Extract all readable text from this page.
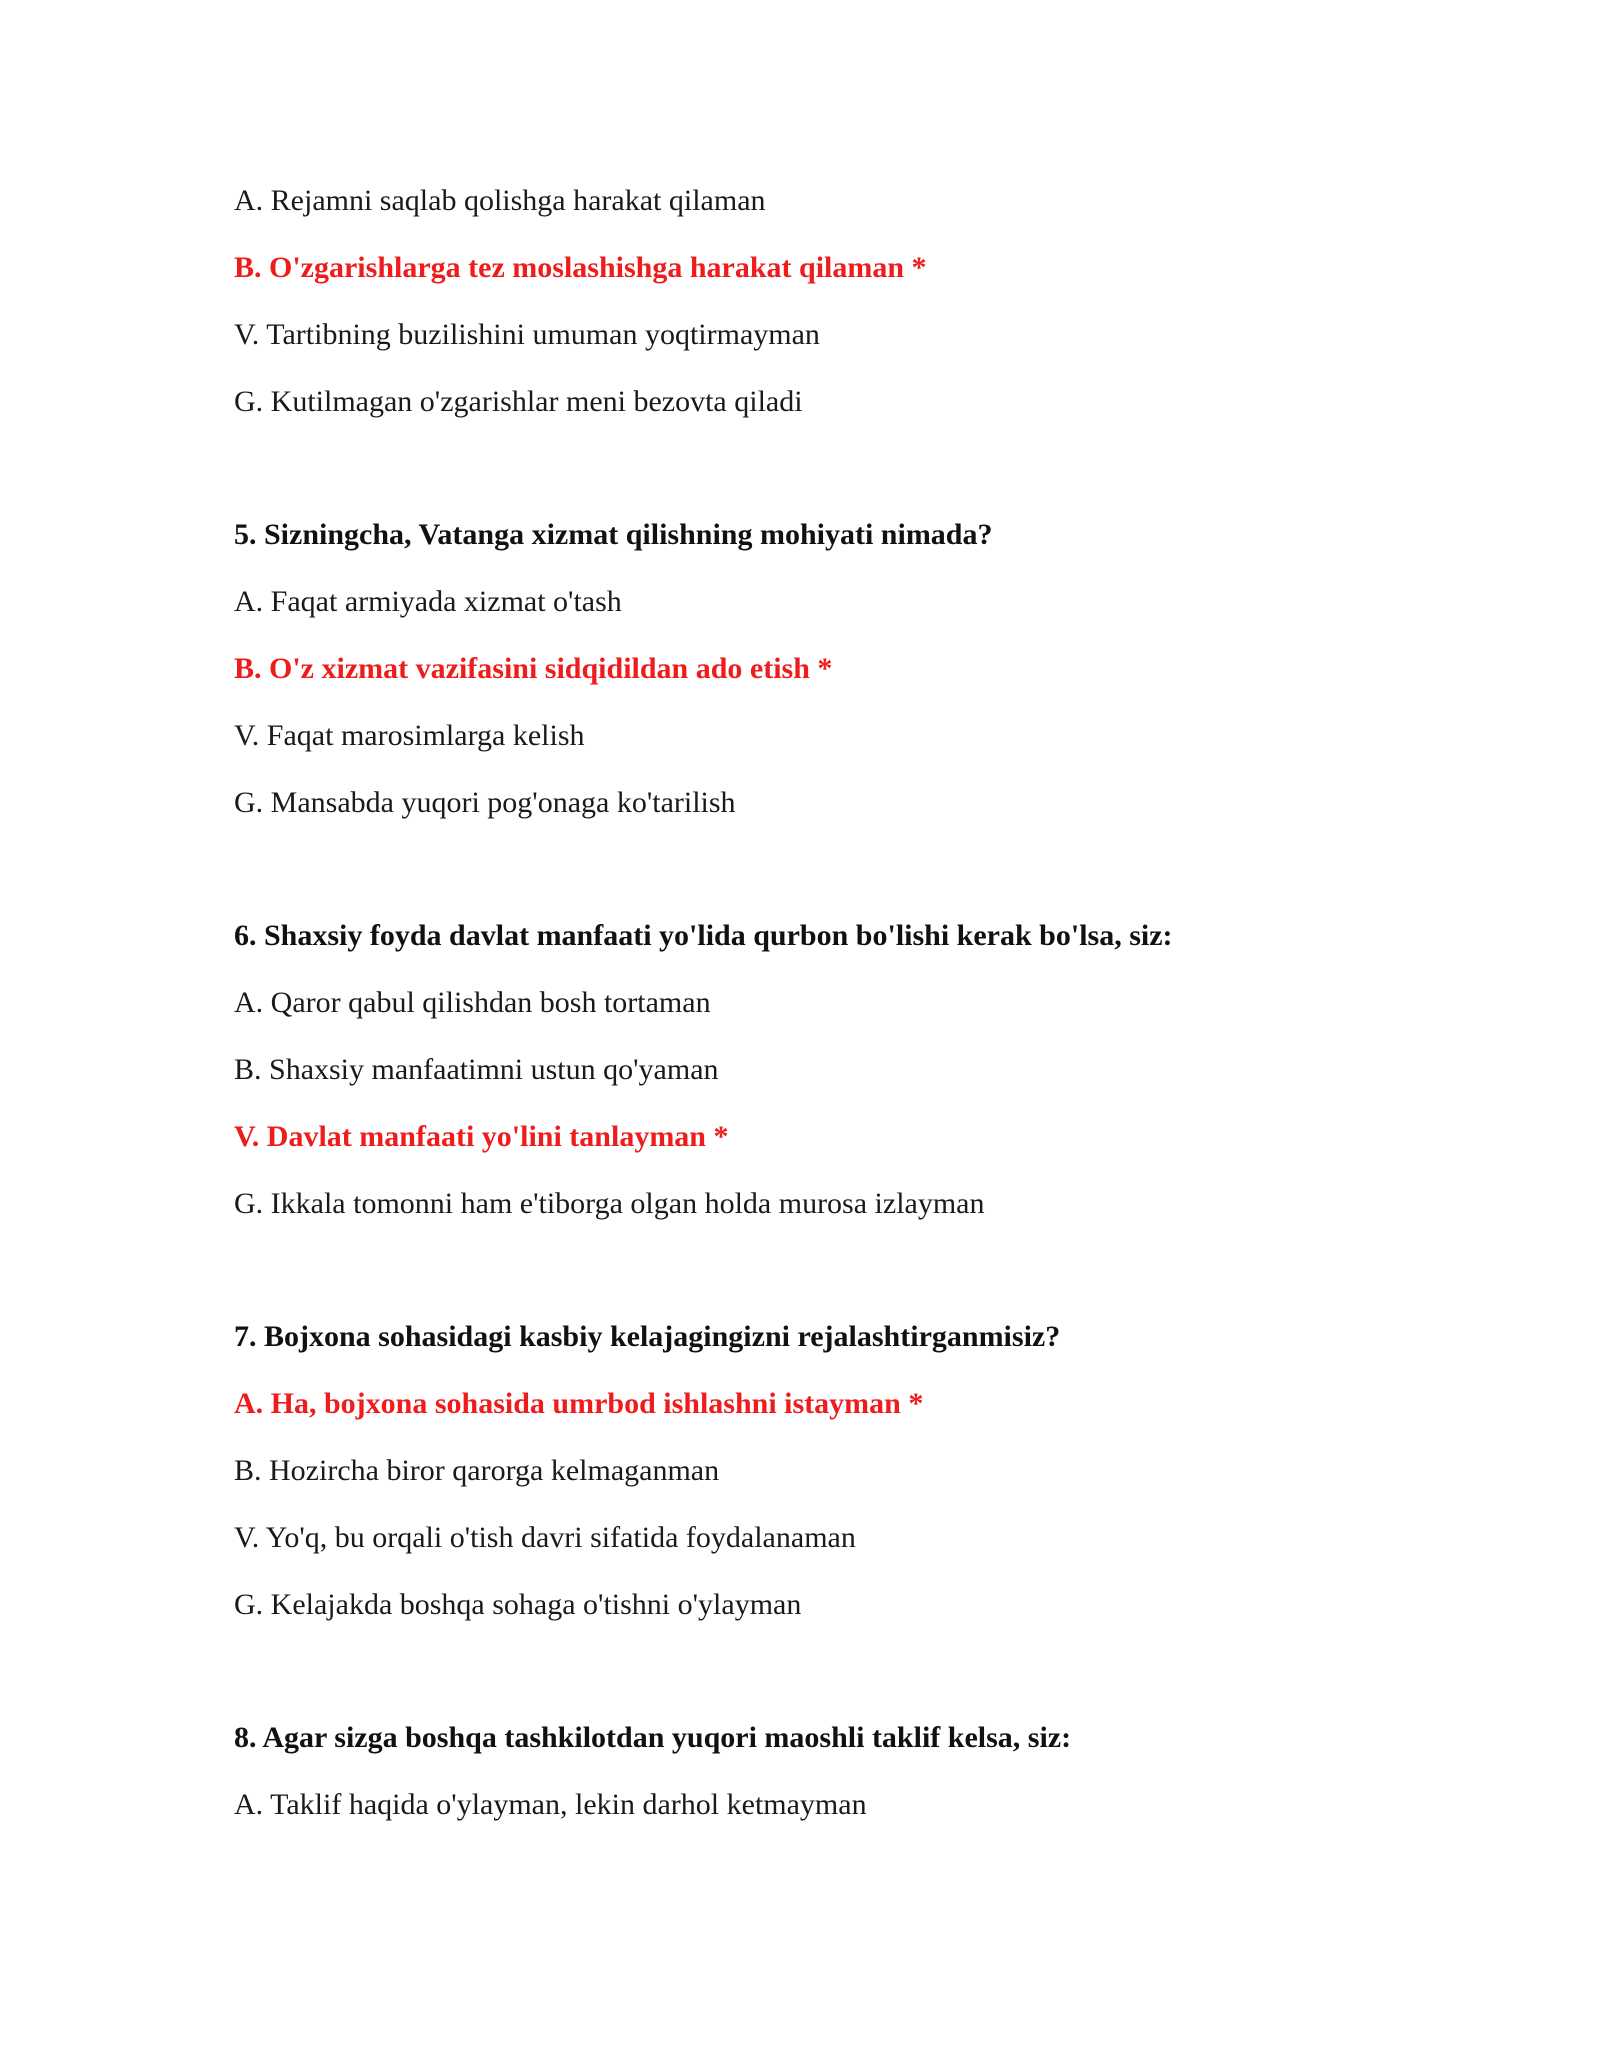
A. Rejamni saqlab qolishga harakat qilaman
B. O'zgarishlarga tez moslashishga harakat qilaman *
V. Tartibning buzilishini umuman yoqtirmayman
G. Kutilmagan o'zgarishlar meni bezovta qiladi
5. Sizningcha, Vatanga xizmat qilishning mohiyati nimada?
A. Faqat armiyada xizmat o'tash
B. O'z xizmat vazifasini sidqidildan ado etish *
V. Faqat marosimlarga kelish
G. Mansabda yuqori pog'onaga ko'tarilish
6. Shaxsiy foyda davlat manfaati yo'lida qurbon bo'lishi kerak bo'lsa, siz:
A. Qaror qabul qilishdan bosh tortaman
B. Shaxsiy manfaatimni ustun qo'yaman
V. Davlat manfaati yo'lini tanlayman *
G. Ikkala tomonni ham e'tiborga olgan holda murosa izlayman
7. Bojxona sohasidagi kasbiy kelajagingizni rejalashtirganmisiz?
A. Ha, bojxona sohasida umrbod ishlashni istayman *
B. Hozircha biror qarorga kelmaganman
V. Yo'q, bu orqali o'tish davri sifatida foydalanaman
G. Kelajakda boshqa sohaga o'tishni o'ylayman
8. Agar sizga boshqa tashkilotdan yuqori maoshli taklif kelsa, siz:
A. Taklif haqida o'ylayman, lekin darhol ketmayman
